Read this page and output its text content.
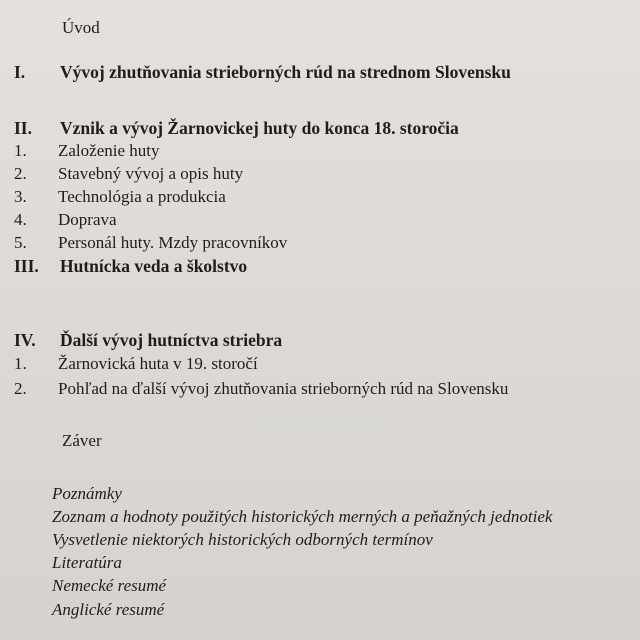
Úvod
I. Vývoj zhutňovania strieborných rúd na strednom Slovensku
II. Vznik a vývoj Žarnovickej huty do konca 18. storočia
1. Založenie huty
2. Stavebný vývoj a opis huty
3. Technológia a produkcia
4. Doprava
5. Personál huty. Mzdy pracovníkov
III. Hutnícka veda a školstvo
IV. Ďalší vývoj hutníctva striebra
1. Žarnovická huta v 19. storočí
2. Pohľad na ďalší vývoj zhutňovania strieborných rúd na Slovensku
Záver
Poznámky
Zoznam a hodnoty použitých historických merných a peňažných jednotiek
Vysvetlenie niektorých historických odborných termínov
Literatúra
Nemecké resumé
Anglické resumé
